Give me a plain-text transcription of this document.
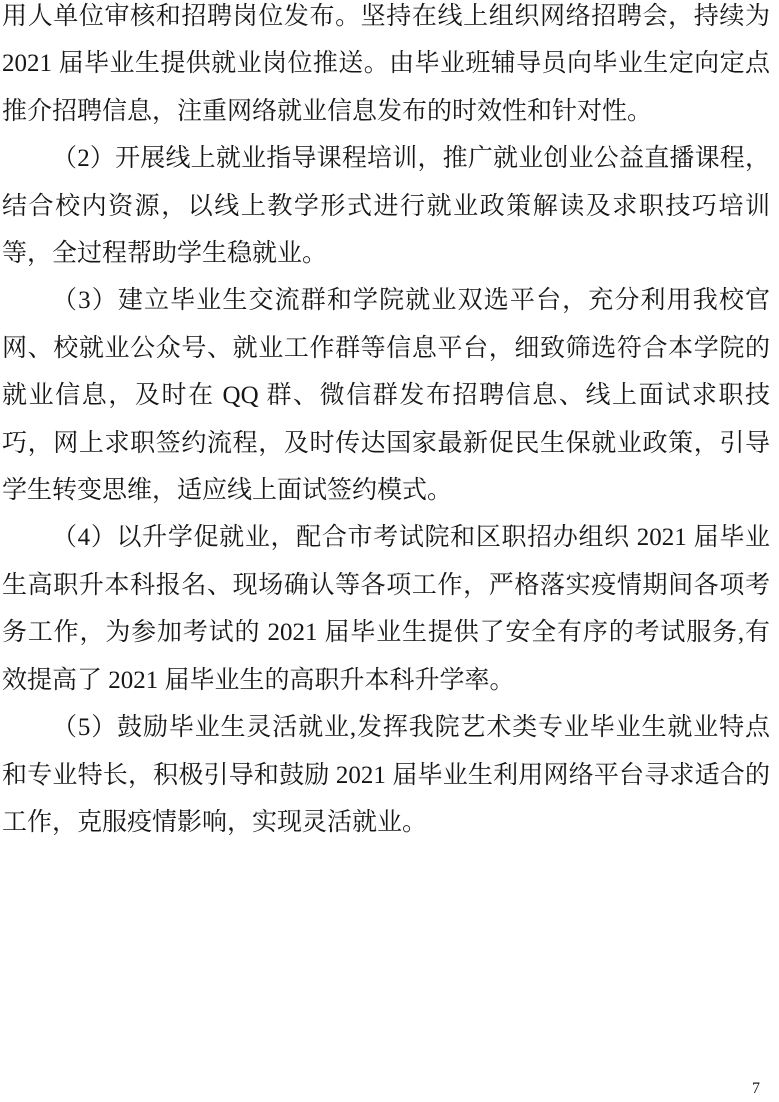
用人单位审核和招聘岗位发布。坚持在线上组织网络招聘会，持续为 2021 届毕业生提供就业岗位推送。由毕业班辅导员向毕业生定向定点推介招聘信息，注重网络就业信息发布的时效性和针对性。

（2）开展线上就业指导课程培训，推广就业创业公益直播课程，结合校内资源，以线上教学形式进行就业政策解读及求职技巧培训等，全过程帮助学生稳就业。

（3）建立毕业生交流群和学院就业双选平台，充分利用我校官网、校就业公众号、就业工作群等信息平台，细致筛选符合本学院的就业信息，及时在 QQ 群、微信群发布招聘信息、线上面试求职技巧，网上求职签约流程，及时传达国家最新促民生保就业政策，引导学生转变思维，适应线上面试签约模式。

（4）以升学促就业，配合市考试院和区职招办组织 2021 届毕业生高职升本科报名、现场确认等各项工作，严格落实疫情期间各项考务工作，为参加考试的 2021 届毕业生提供了安全有序的考试服务,有效提高了 2021 届毕业生的高职升本科升学率。

（5）鼓励毕业生灵活就业,发挥我院艺术类专业毕业生就业特点和专业特长，积极引导和鼓励 2021 届毕业生利用网络平台寻求适合的工作，克服疫情影响，实现灵活就业。

7
